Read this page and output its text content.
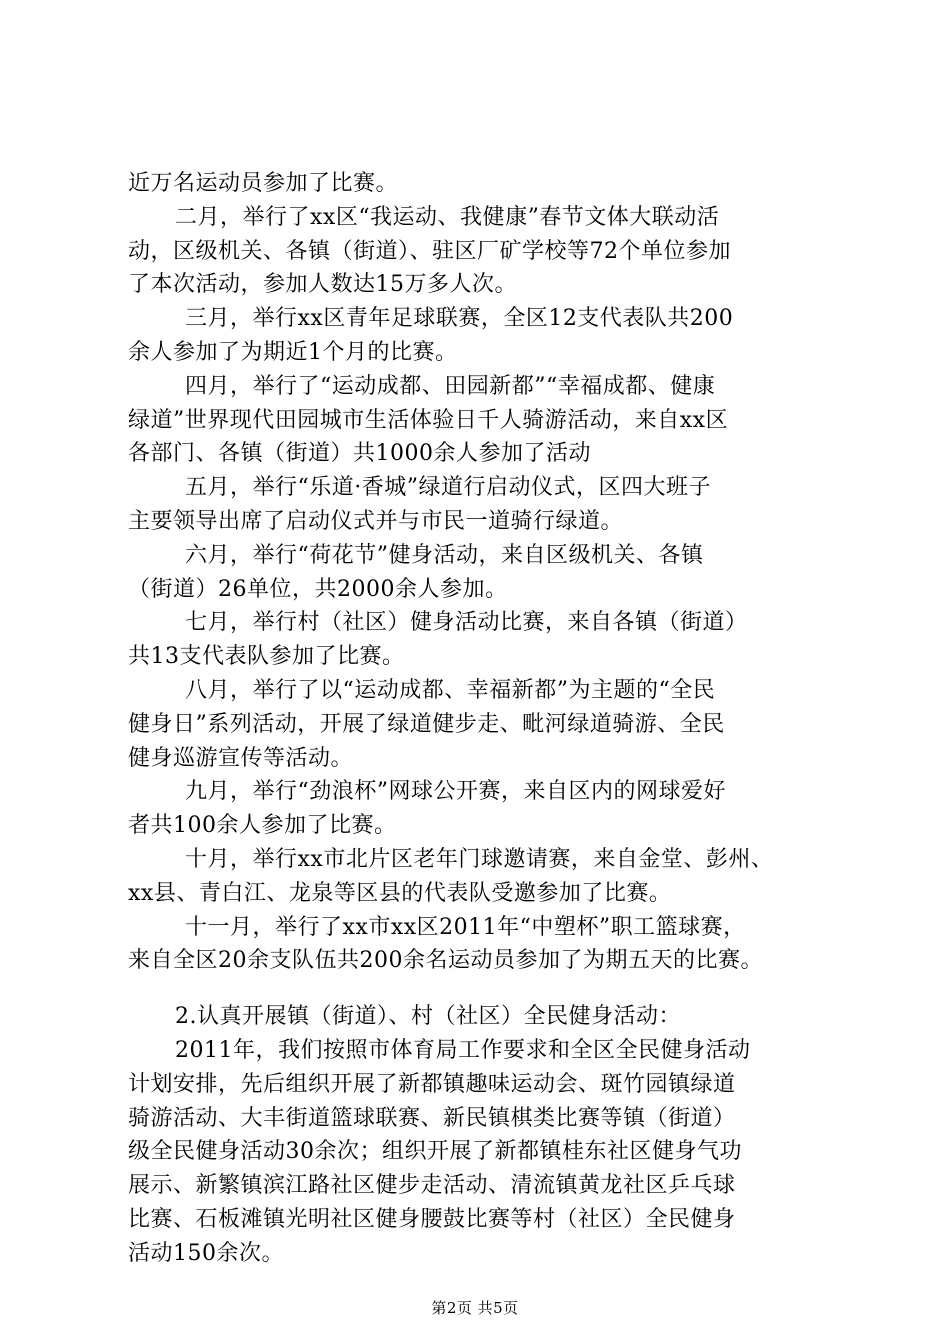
近万名运动员参加了比赛。
二月，举行了xx区“我运动、我健康”春节文体大联动活
动，区级机关、各镇（街道）、驻区厂矿学校等72个单位参加
了本次活动，参加人数达15万多人次。
三月，举行xx区青年足球联赛，全区12支代表队共200
余人参加了为期近1个月的比赛。
四月，举行了“运动成都、田园新都”“幸福成都、健康
绿道”世界现代田园城市生活体验日千人骑游活动，来自xx区
各部门、各镇（街道）共1000余人参加了活动
五月，举行“乐道·香城”绿道行启动仪式，区四大班子
主要领导出席了启动仪式并与市民一道骑行绿道。
六月，举行“荷花节”健身活动，来自区级机关、各镇
（街道）26单位，共2000余人参加。
七月，举行村（社区）健身活动比赛，来自各镇（街道）
共13支代表队参加了比赛。
八月，举行了以“运动成都、幸福新都”为主题的“全民
健身日”系列活动，开展了绿道健步走、毗河绿道骑游、全民
健身巡游宣传等活动。
九月，举行“劲浪杯”网球公开赛，来自区内的网球爱好
者共100余人参加了比赛。
十月，举行xx市北片区老年门球邀请赛，来自金堂、彭州、
xx县、青白江、龙泉等区县的代表队受邀参加了比赛。
十一月，举行了xx市xx区2011年“中塑杯”职工篮球赛，
来自全区20余支队伍共200余名运动员参加了为期五天的比赛。
2.认真开展镇（街道）、村（社区）全民健身活动：
2011年，我们按照市体育局工作要求和全区全民健身活动
计划安排，先后组织开展了新都镇趣味运动会、斑竹园镇绿道
骑游活动、大丰街道篮球联赛、新民镇棋类比赛等镇（街道）
级全民健身活动30余次；组织开展了新都镇桂东社区健身气功
展示、新繁镇滨江路社区健步走活动、清流镇黄龙社区乒乓球
比赛、石板滩镇光明社区健身腰鼓比赛等村（社区）全民健身
活动150余次。
第2页 共5页
